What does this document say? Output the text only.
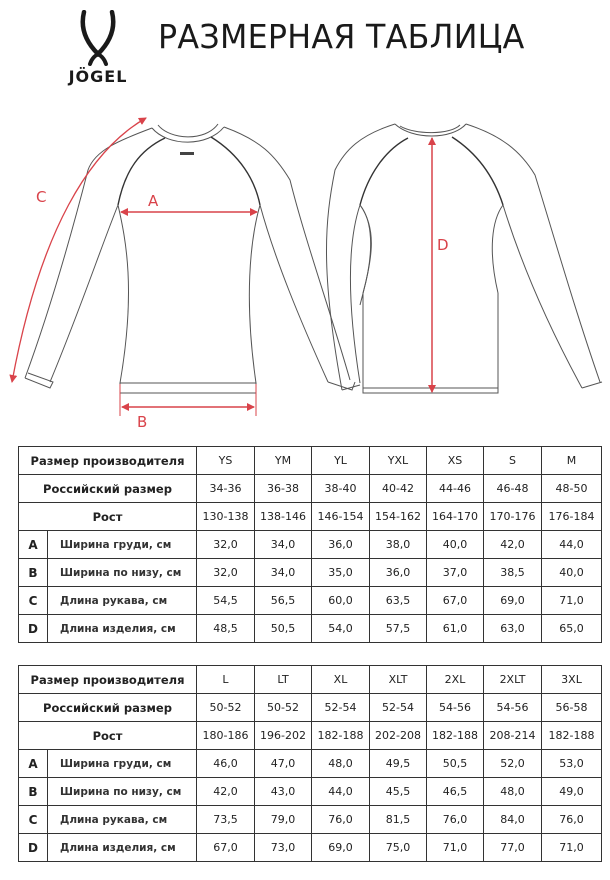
JÖGEL
РАЗМЕРНАЯ ТАБЛИЦА
A
B
C
D
Размер производителя		YS	YM	YL	YXL	XS	S	M
Российский размер		34-36	36-38	38-40	40-42	44-46	46-48	48-50
Рост		130-138	138-146	146-154	154-162	164-170	170-176	176-184
A	Ширина груди, см	32,0	34,0	36,0	38,0	40,0	42,0	44,0
B	Ширина по низу, см	32,0	34,0	35,0	36,0	37,0	38,5	40,0
C	Длина рукава, см	54,5	56,5	60,0	63,5	67,0	69,0	71,0
D	Длина изделия, см	48,5	50,5	54,0	57,5	61,0	63,0	65,0
Размер производителя		L	LT	XL	XLT	2XL	2XLT	3XL
Российский размер		50-52	50-52	52-54	52-54	54-56	54-56	56-58
Рост		180-186	196-202	182-188	202-208	182-188	208-214	182-188
A	Ширина груди, см	46,0	47,0	48,0	49,5	50,5	52,0	53,0
B	Ширина по низу, см	42,0	43,0	44,0	45,5	46,5	48,0	49,0
C	Длина рукава, см	73,5	79,0	76,0	81,5	76,0	84,0	76,0
D	Длина изделия, см	67,0	73,0	69,0	75,0	71,0	77,0	71,0
